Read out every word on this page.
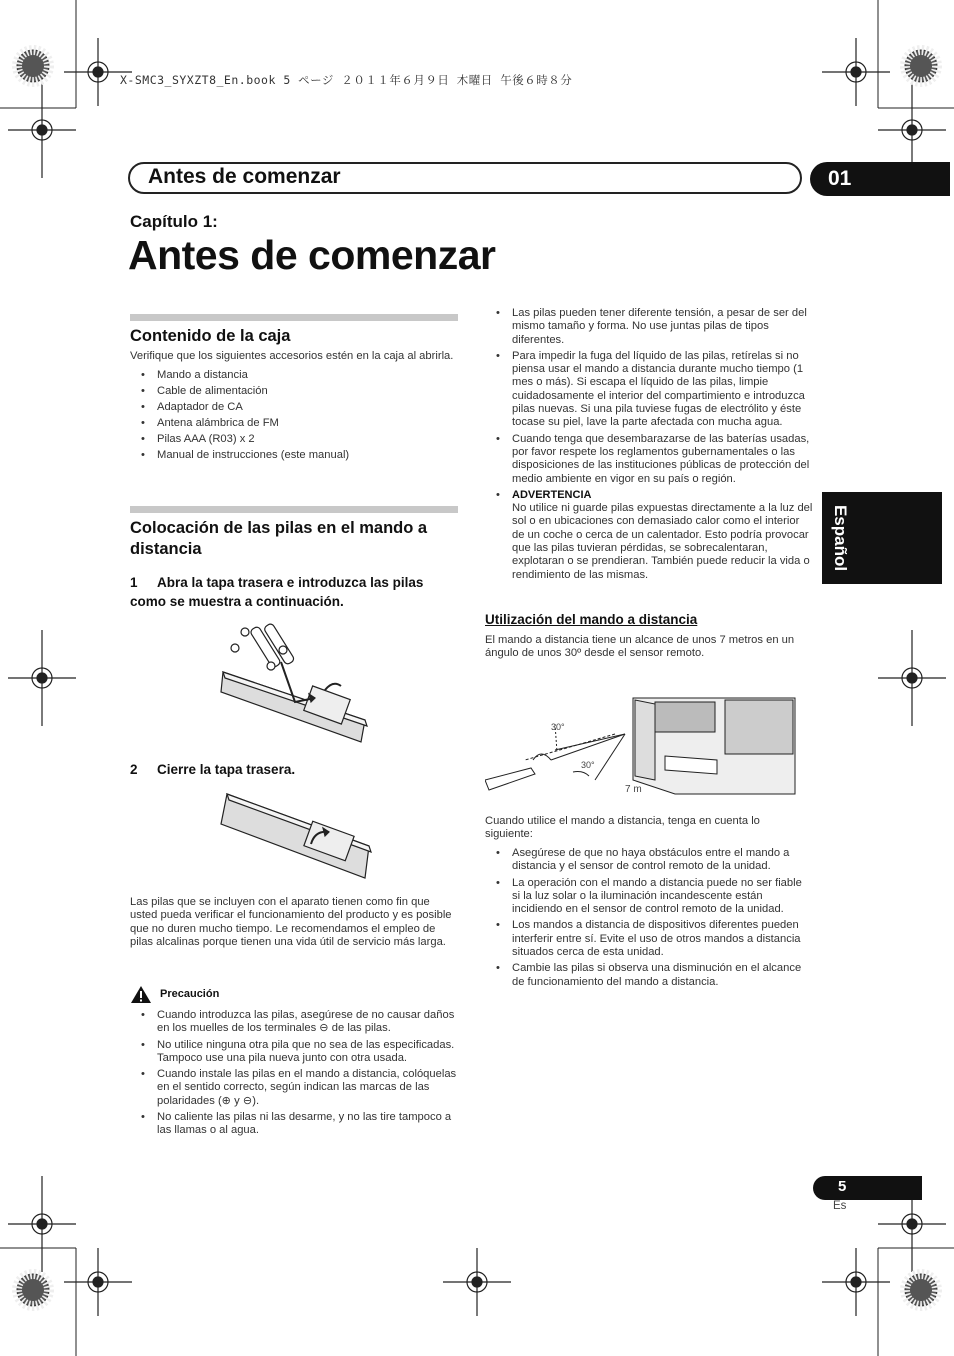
X-SMC3_SYXZT8_En.book 5 ページ ２０１１年６月９日 木曜日 午後６時８分
Antes de comenzar	01
Capítulo 1:
Antes de comenzar
Contenido de la caja
Verifique que los siguientes accesorios estén en la caja al abrirla.
• Mando a distancia
• Cable de alimentación
• Adaptador de CA
• Antena alámbrica de FM
• Pilas AAA (R03) x 2
• Manual de instrucciones (este manual)
Colocación de las pilas en el mando a distancia
1 Abra la tapa trasera e introduzca las pilas como se muestra a continuación.
2 Cierre la tapa trasera.
Las pilas que se incluyen con el aparato tienen como fin que usted pueda verificar el funcionamiento del producto y es posible que no duren mucho tiempo. Le recomendamos el empleo de pilas alcalinas porque tienen una vida útil de servicio más larga.
Precaución
• Cuando introduzca las pilas, asegúrese de no causar daños en los muelles de los terminales ⊖ de las pilas.
• No utilice ninguna otra pila que no sea de las especificadas. Tampoco use una pila nueva junto con otra usada.
• Cuando instale las pilas en el mando a distancia, colóquelas en el sentido correcto, según indican las marcas de las polaridades (⊕ y ⊖).
• No caliente las pilas ni las desarme, y no las tire tampoco a las llamas o al agua.
• Las pilas pueden tener diferente tensión, a pesar de ser del mismo tamaño y forma. No use juntas pilas de tipos diferentes.
• Para impedir la fuga del líquido de las pilas, retírelas si no piensa usar el mando a distancia durante mucho tiempo (1 mes o más). Si escapa el líquido de las pilas, limpie cuidadosamente el interior del compartimiento e introduzca pilas nuevas. Si una pila tuviese fugas de electrólito y éste tocase su piel, lave la parte afectada con mucha agua.
• Cuando tenga que desembarazarse de las baterías usadas, por favor respete los reglamentos gubernamentales o las disposiciones de las instituciones públicas de protección del medio ambiente en vigor en su país o región.
• ADVERTENCIA
No utilice ni guarde pilas expuestas directamente a la luz del sol o en ubicaciones con demasiado calor como el interior de un coche o cerca de un calentador. Esto podría provocar que las pilas tuvieran pérdidas, se sobrecalentaran, explotaran o se prendieran. También puede reducir la vida o rendimiento de las mismas.
Utilización del mando a distancia
El mando a distancia tiene un alcance de unos 7 metros en un ángulo de unos 30º desde el sensor remoto.
30°
30°
7 m
Cuando utilice el mando a distancia, tenga en cuenta lo siguiente:
• Asegúrese de que no haya obstáculos entre el mando a distancia y el sensor de control remoto de la unidad.
• La operación con el mando a distancia puede no ser fiable si la luz solar o la iluminación incandescente están incidiendo en el sensor de control remoto de la unidad.
• Los mandos a distancia de dispositivos diferentes pueden interferir entre sí. Evite el uso de otros mandos a distancia situados cerca de esta unidad.
• Cambie las pilas si observa una disminución en el alcance de funcionamiento del mando a distancia.
Español
5
Es
